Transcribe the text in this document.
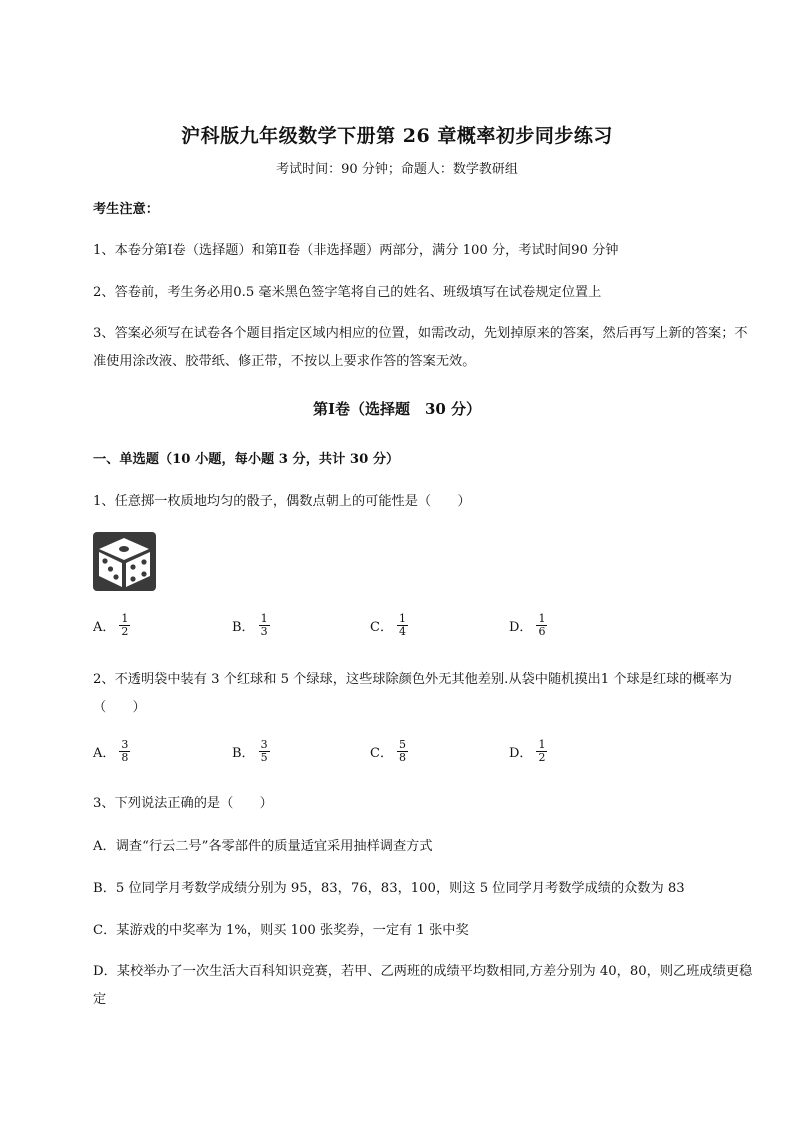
沪科版九年级数学下册第 26 章概率初步同步练习
考试时间：90 分钟；命题人：数学教研组
考生注意：
1、本卷分第Ⅰ卷（选择题）和第Ⅱ卷（非选择题）两部分，满分 100 分，考试时间90 分钟
2、答卷前，考生务必用0.5 毫米黑色签字笔将自己的姓名、班级填写在试卷规定位置上
3、答案必须写在试卷各个题目指定区域内相应的位置，如需改动，先划掉原来的答案，然后再写上新的答案；不准使用涂改液、胶带纸、修正带，不按以上要求作答的答案无效。
第Ⅰ卷（选择题　30 分）
一、单选题（10 小题，每小题 3 分，共计 30 分）
1、任意掷一枚质地均匀的骰子，偶数点朝上的可能性是（　　）
A． $\frac{1}{2}$	B． $\frac{1}{3}$	C． $\frac{1}{4}$	D． $\frac{1}{6}$
2、不透明袋中装有 3 个红球和 5 个绿球，这些球除颜色外无其他差别.从袋中随机摸出1 个球是红球的概率为（　　）
A． $\frac{3}{8}$	B． $\frac{3}{5}$	C． $\frac{5}{8}$	D． $\frac{1}{2}$
3、下列说法正确的是（　　）
A．调查“行云二号”各零部件的质量适宜采用抽样调查方式
B．5 位同学月考数学成绩分别为 95，83，76，83，100，则这 5 位同学月考数学成绩的众数为 83
C．某游戏的中奖率为 1%，则买 100 张奖券，一定有 1 张中奖
D．某校举办了一次生活大百科知识竞赛，若甲、乙两班的成绩平均数相同,方差分别为 40，80，则乙班成绩更稳定
